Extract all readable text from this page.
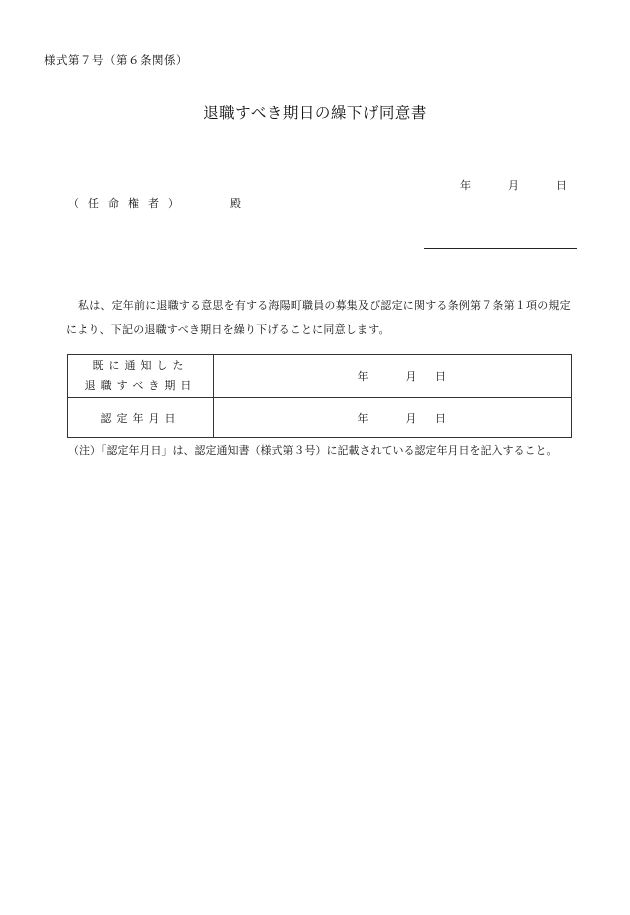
様式第７号（第６条関係）
退職すべき期日の繰下げ同意書
年	月	日
（任命権者）	殿
私は、定年前に退職する意思を有する海陽町職員の募集及び認定に関する条例第７条第１項の規定により、下記の退職すべき期日を繰り下げることに同意します。
既に通知した
退職すべき期日	年 月 日
認定年月日	年 月 日
（注）「認定年月日」は、認定通知書（様式第３号）に記載されている認定年月日を記入すること。
